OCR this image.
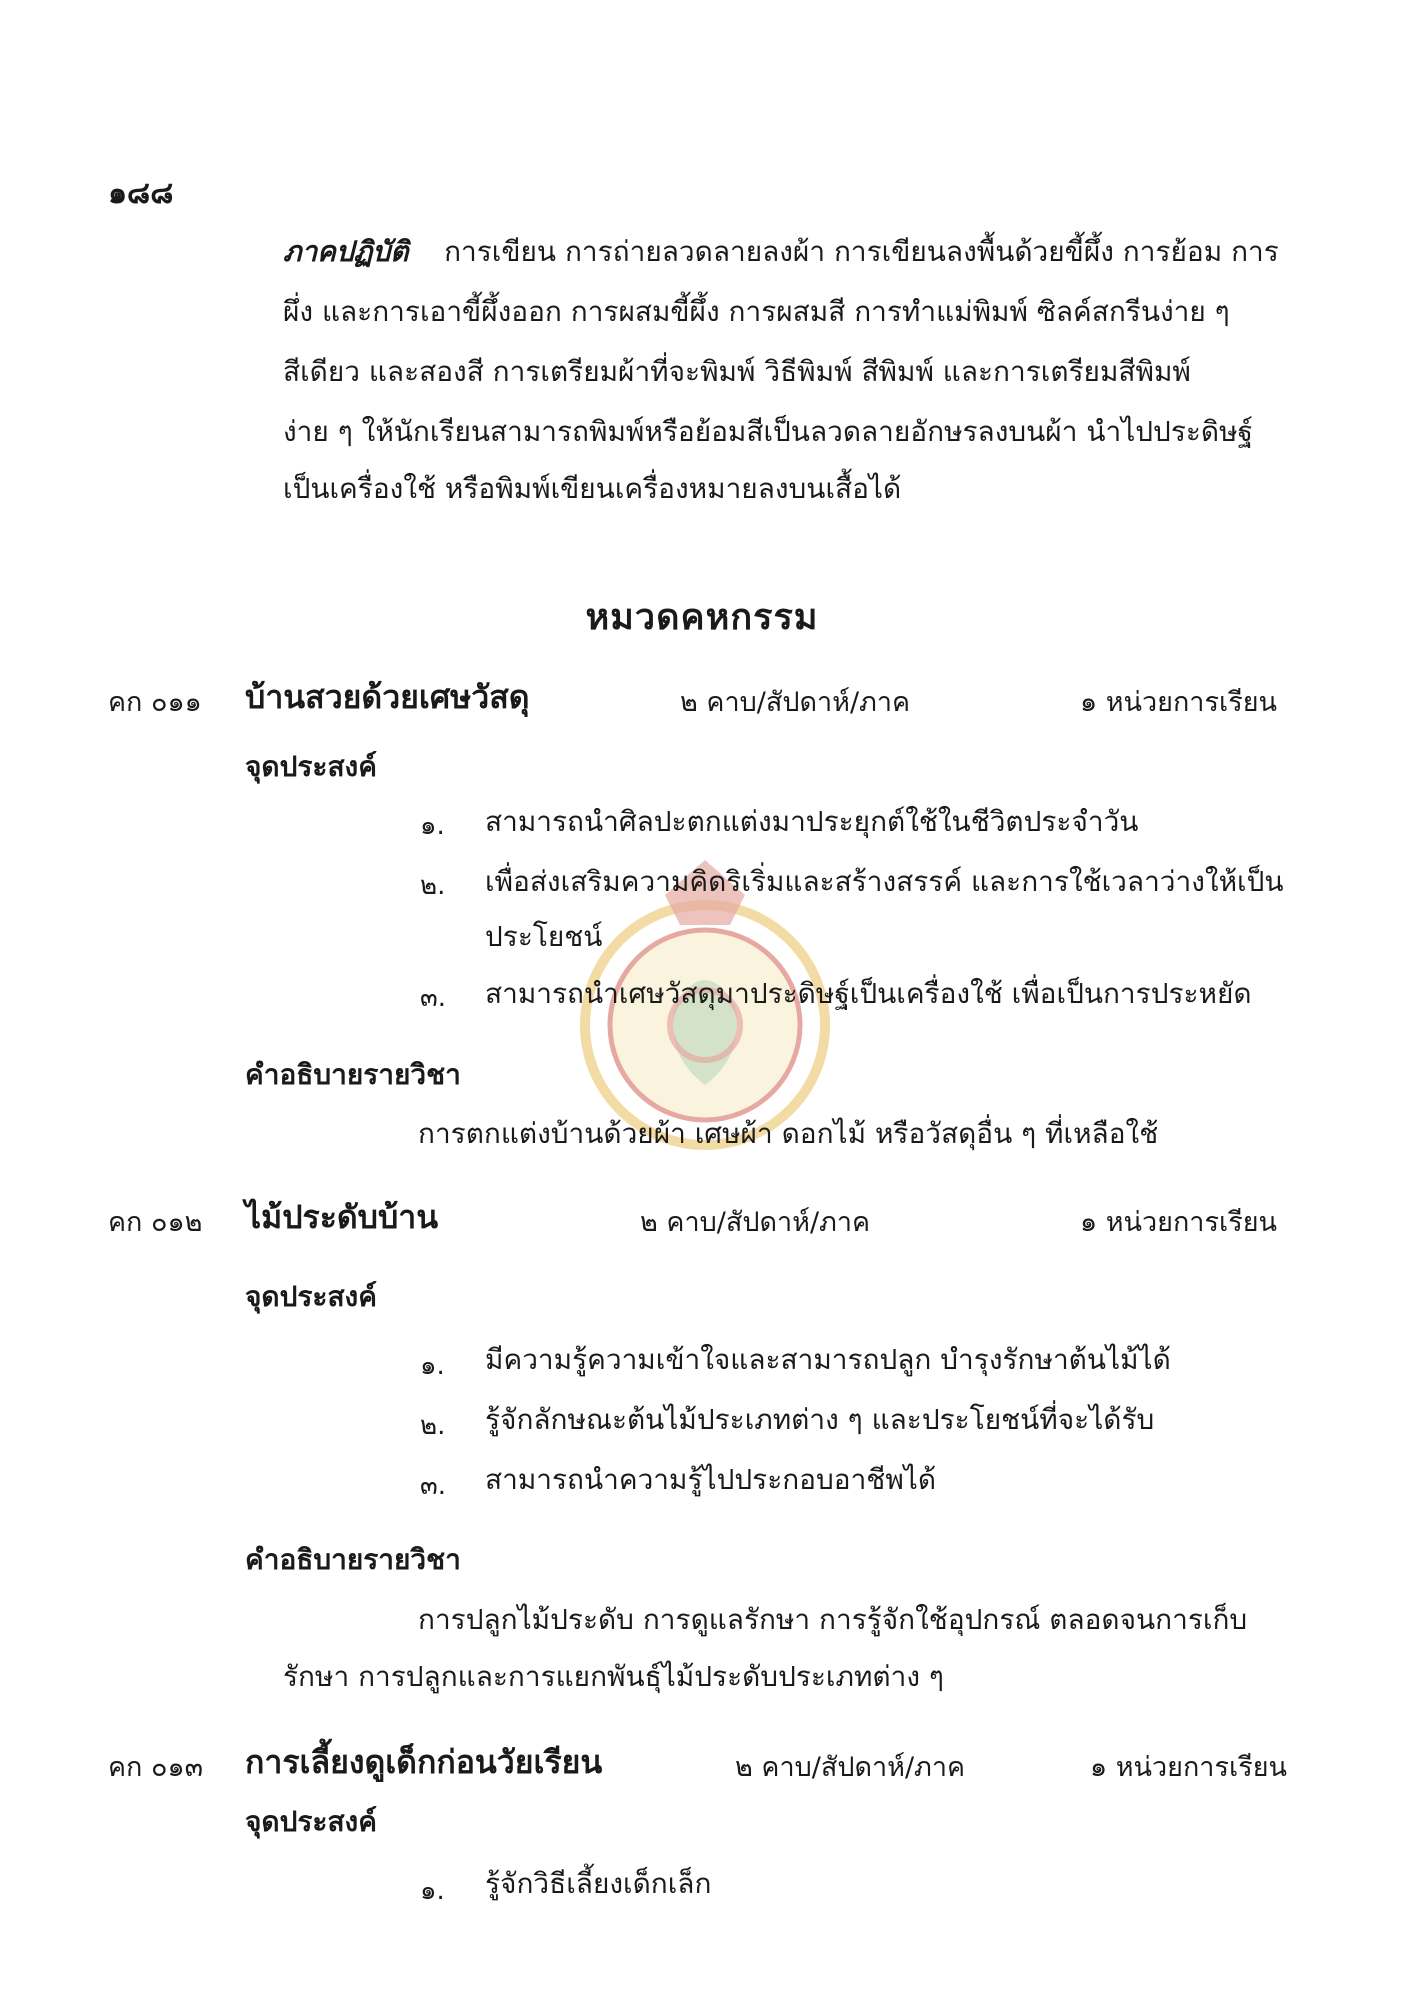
๑๘๘
ภาคปฏิบัติ การเขียน การถ่ายลวดลายลงผ้า การเขียนลงพื้นด้วยขี้ผึ้ง การย้อม การ
ผึ่ง และการเอาขี้ผึ้งออก การผสมขี้ผึ้ง การผสมสี การทำแม่พิมพ์ ซิลค์สกรีนง่าย ๆ
สีเดียว และสองสี การเตรียมผ้าที่จะพิมพ์ วิธีพิมพ์ สีพิมพ์ และการเตรียมสีพิมพ์
ง่าย ๆ ให้นักเรียนสามารถพิมพ์หรือย้อมสีเป็นลวดลายอักษรลงบนผ้า นำไปประดิษฐ์
เป็นเครื่องใช้ หรือพิมพ์เขียนเครื่องหมายลงบนเสื้อได้
หมวดคหกรรม
คก ๐๑๑ บ้านสวยด้วยเศษวัสดุ	๒ คาบ/สัปดาห์/ภาค	๑ หน่วยการเรียน
จุดประสงค์
๑. สามารถนำศิลปะตกแต่งมาประยุกต์ใช้ในชีวิตประจำวัน
๒. เพื่อส่งเสริมความคิดริเริ่มและสร้างสรรค์ และการใช้เวลาว่างให้เป็น
ประโยชน์
๓. สามารถนำเศษวัสดุมาประดิษฐ์เป็นเครื่องใช้ เพื่อเป็นการประหยัด
คำอธิบายรายวิชา
การตกแต่งบ้านด้วยผ้า เศษผ้า ดอกไม้ หรือวัสดุอื่น ๆ ที่เหลือใช้
คก ๐๑๒ ไม้ประดับบ้าน	๒ คาบ/สัปดาห์/ภาค	๑ หน่วยการเรียน
จุดประสงค์
๑. มีความรู้ความเข้าใจและสามารถปลูก บำรุงรักษาต้นไม้ได้
๒. รู้จักลักษณะต้นไม้ประเภทต่าง ๆ และประโยชน์ที่จะได้รับ
๓. สามารถนำความรู้ไปประกอบอาชีพได้
คำอธิบายรายวิชา
การปลูกไม้ประดับ การดูแลรักษา การรู้จักใช้อุปกรณ์ ตลอดจนการเก็บ
รักษา การปลูกและการแยกพันธุ์ไม้ประดับประเภทต่าง ๆ
คก ๐๑๓ การเลี้ยงดูเด็กก่อนวัยเรียน	๒ คาบ/สัปดาห์/ภาค	๑ หน่วยการเรียน
จุดประสงค์
๑. รู้จักวิธีเลี้ยงเด็กเล็ก
